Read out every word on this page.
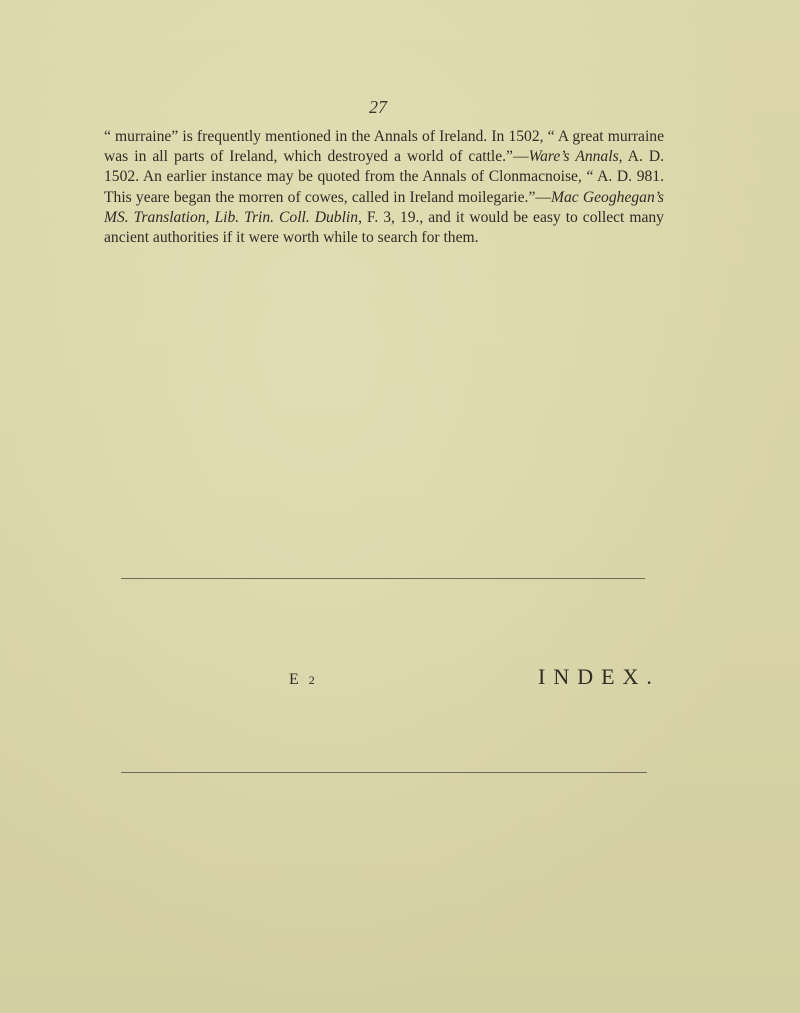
27

“ murraine” is frequently mentioned in the Annals of Ireland. In 1502, “ A great murraine was in all parts of Ireland, which destroyed a world of cattle.”—Ware’s Annals, A. D. 1502. An earlier instance may be quoted from the Annals of Clonmacnoise, “ A. D. 981. This yeare began the morren of cowes, called in Ireland moilegarie.”—Mac Geoghegan’s MS. Translation, Lib. Trin. Coll. Dublin, F. 3, 19., and it would be easy to collect many ancient authorities if it were worth while to search for them.

E 2	INDEX.
